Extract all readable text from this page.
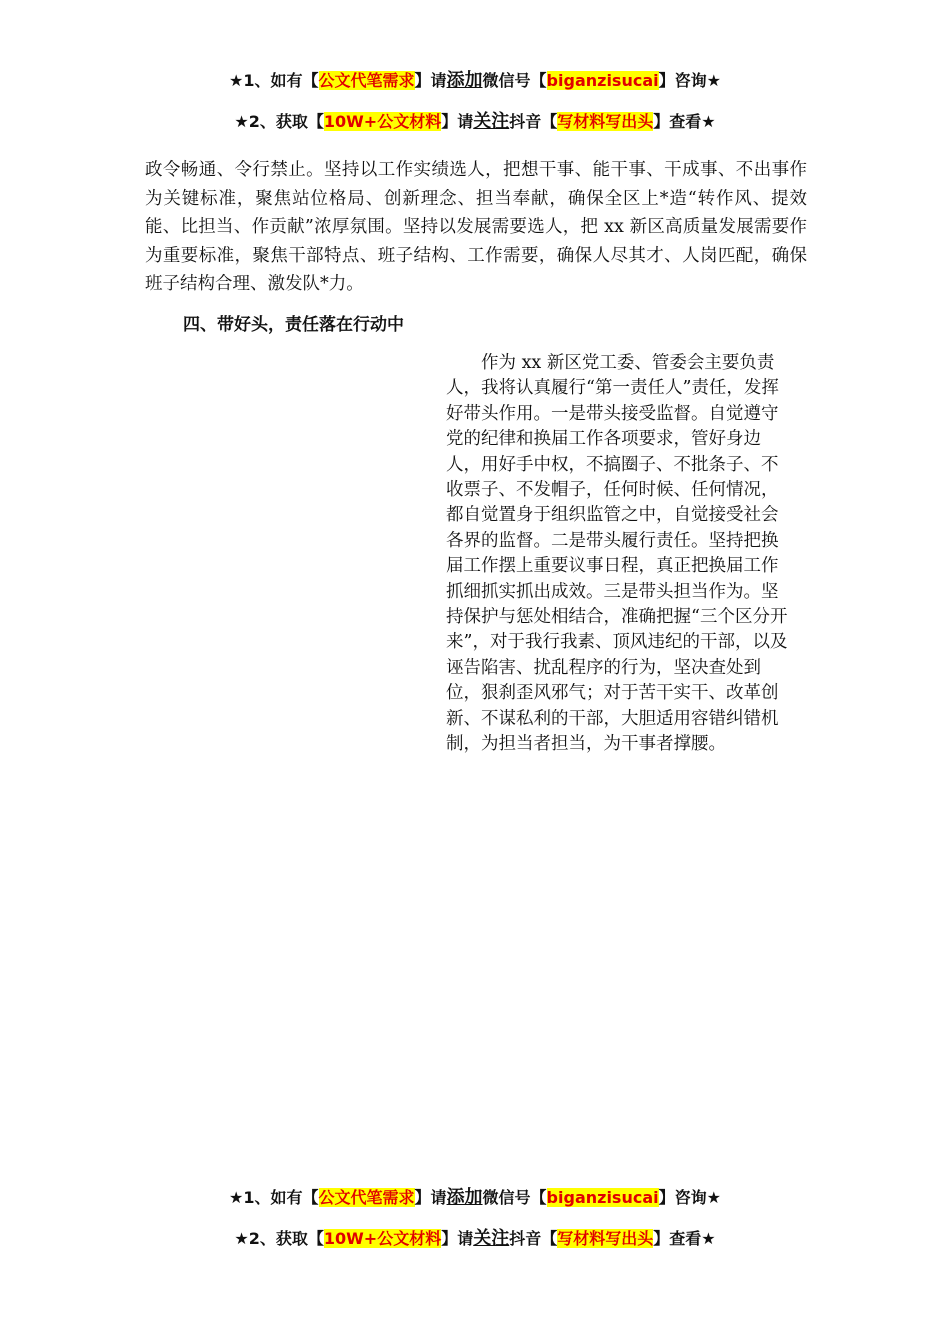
★1、如有【公文代笔需求】请添加微信号【biganzisucai】咨询★
★2、获取【10W+公文材料】请关注抖音【写材料写出头】查看★

政令畅通、令行禁止。坚持以工作实绩选人，把想干事、能干事、干成事、不出事作为关键标准，聚焦站位格局、创新理念、担当奉献，确保全区上*造“转作风、提效能、比担当、作贡献”浓厚氛围。坚持以发展需要选人，把 xx 新区高质量发展需要作为重要标准，聚焦干部特点、班子结构、工作需要，确保人尽其才、人岗匹配，确保班子结构合理、激发队*力。

四、带好头，责任落在行动中

作为 xx 新区党工委、管委会主要负责人，我将认真履行“第一责任人”责任，发挥好带头作用。一是带头接受监督。自觉遵守党的纪律和换届工作各项要求，管好身边人，用好手中权，不搞圈子、不批条子、不收票子、不发帽子，任何时候、任何情况，都自觉置身于组织监管之中，自觉接受社会各界的监督。二是带头履行责任。坚持把换届工作摆上重要议事日程，真正把换届工作抓细抓实抓出成效。三是带头担当作为。坚持保护与惩处相结合，准确把握“三个区分开来”，对于我行我素、顶风违纪的干部，以及诬告陷害、扰乱程序的行为，坚决查处到位，狠刹歪风邪气；对于苦干实干、改革创新、不谋私利的干部，大胆适用容错纠错机制，为担当者担当，为干事者撑腰。

★1、如有【公文代笔需求】请添加微信号【biganzisucai】咨询★
★2、获取【10W+公文材料】请关注抖音【写材料写出头】查看★
